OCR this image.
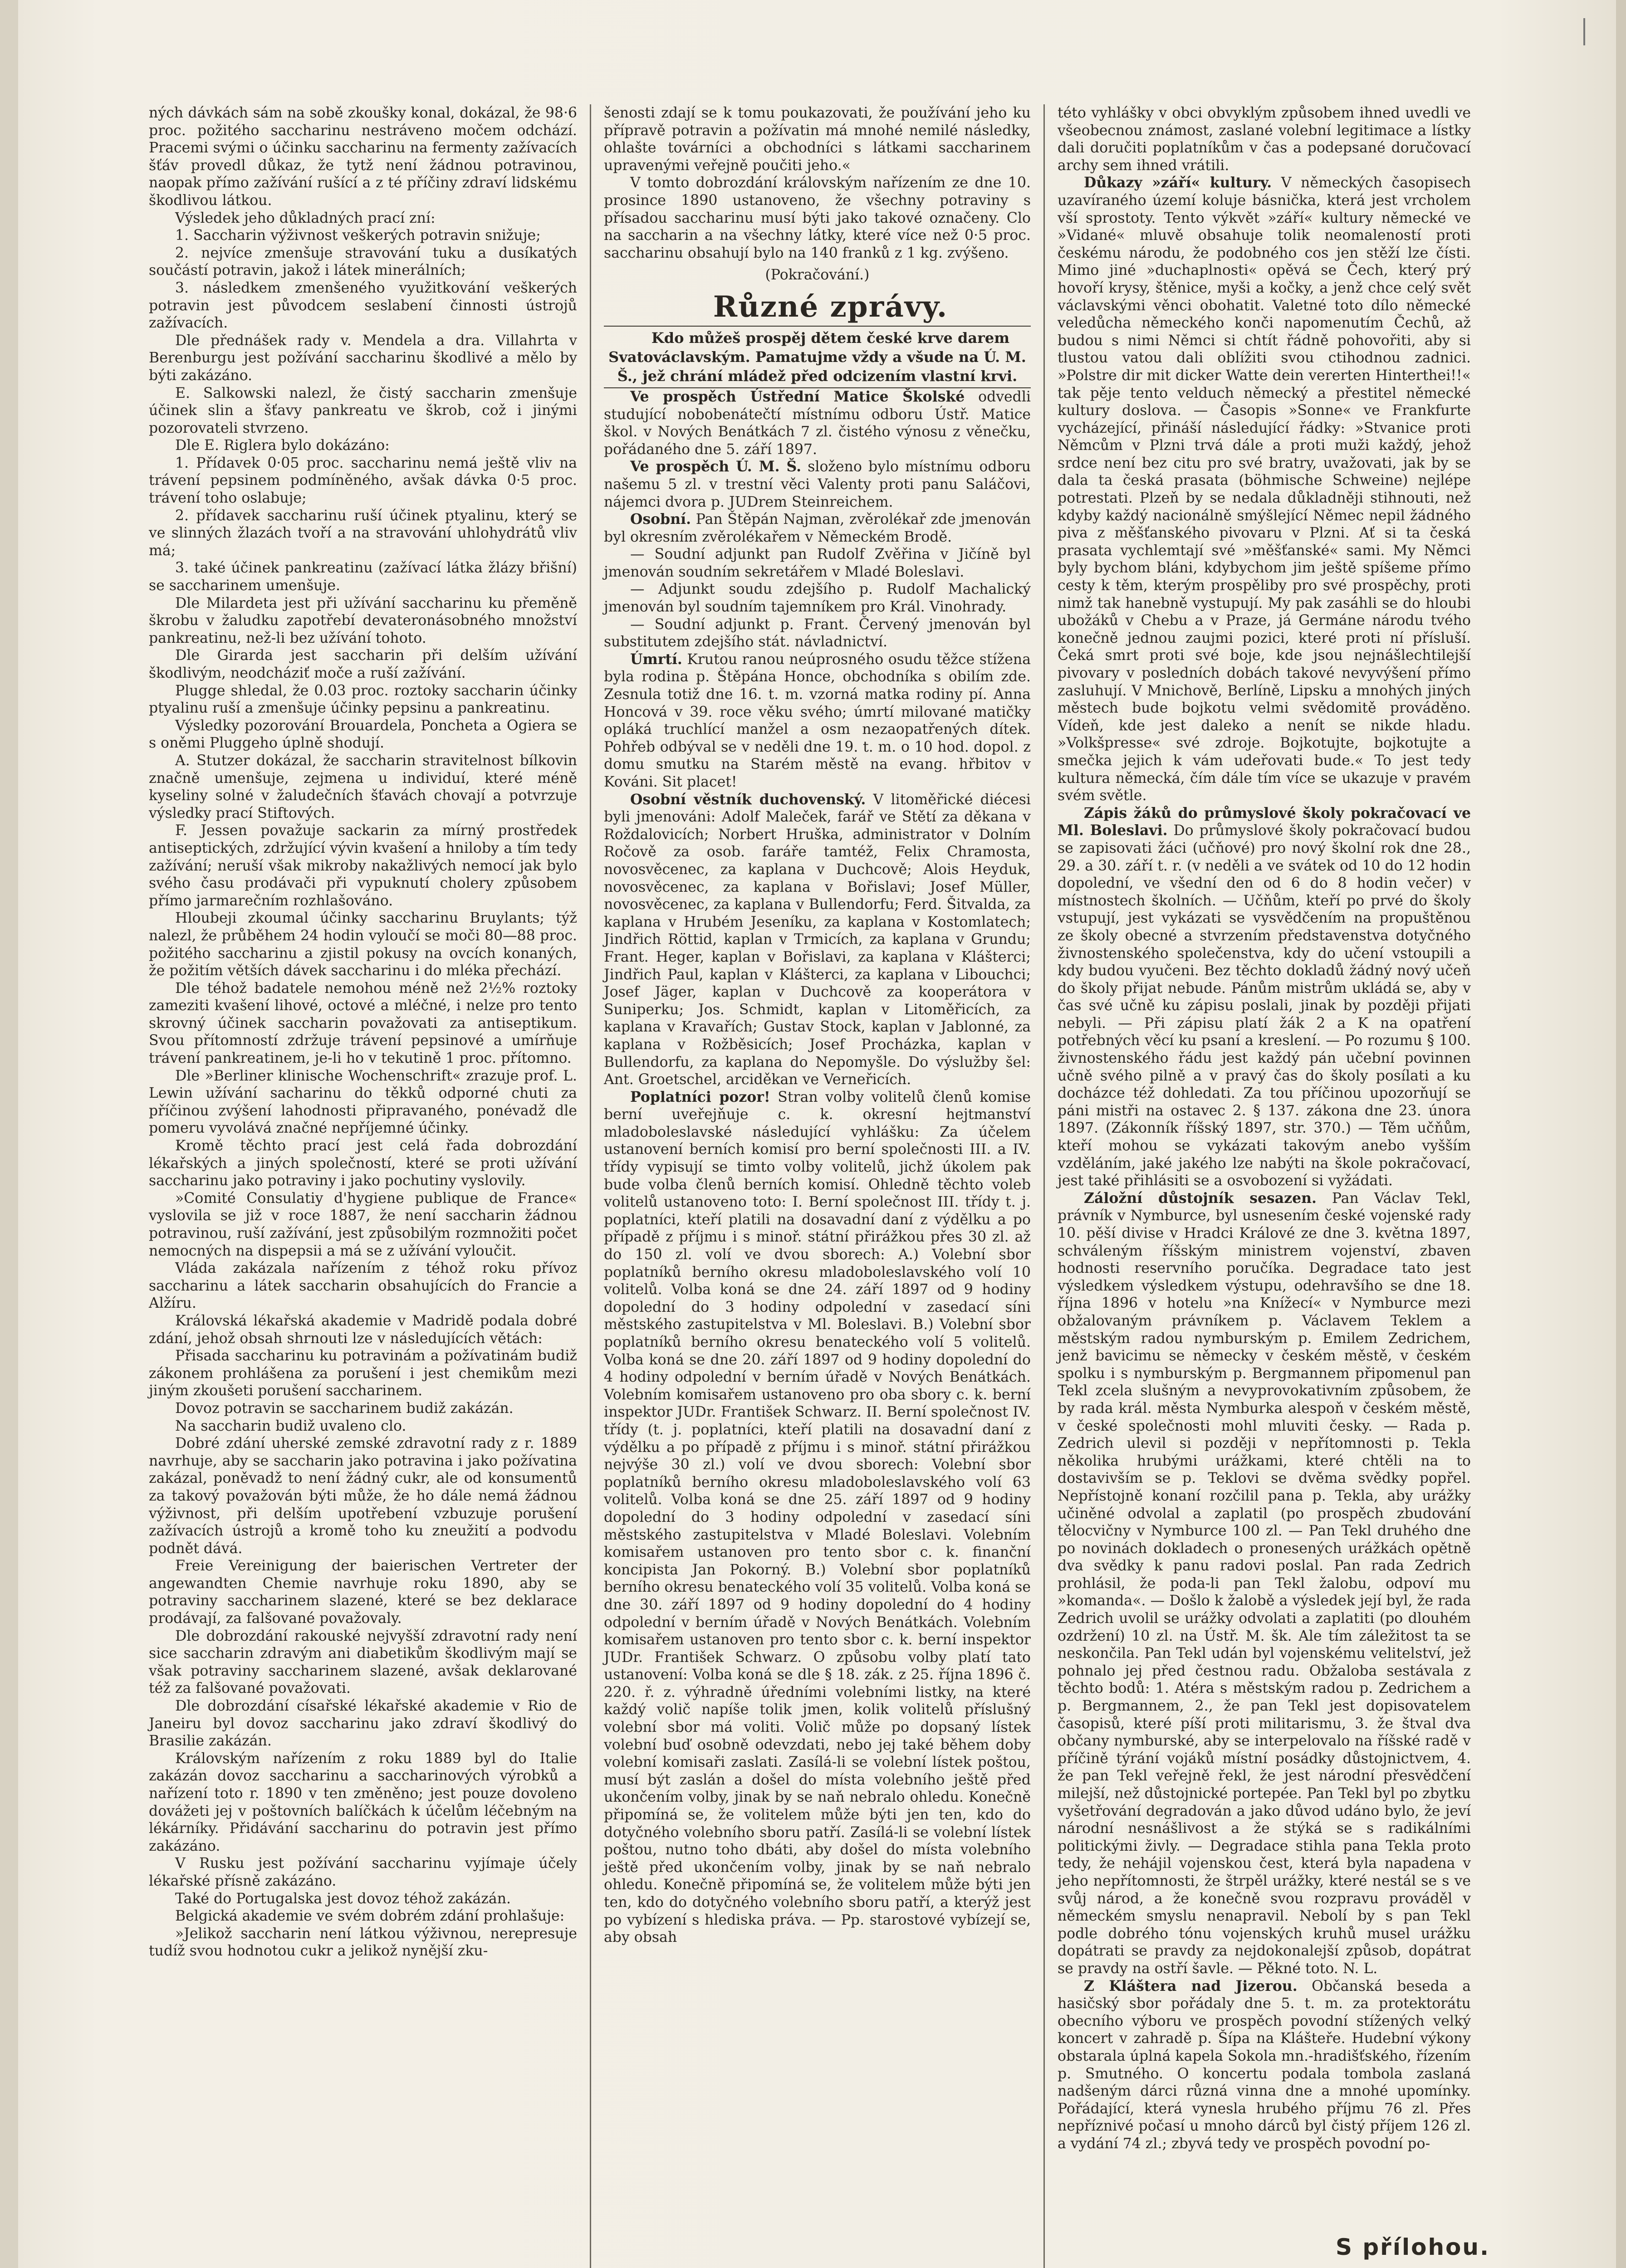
ných dávkách sám na sobě zkoušky konal, dokázal, že 98·6 proc. požitého saccharinu nestráveno močem odchází. Pracemi svými o účinku saccharinu na fermenty zažívacích šťáv provedl důkaz, že tytž není žádnou potravinou, naopak přímo zažívání rušící a z té příčiny zdraví lidskému škodlivou látkou.

Výsledek jeho důkladných prací zní:

1. Saccharin výživnost veškerých potravin snižuje;

2. nejvíce zmenšuje stravování tuku a dusíkatých součástí potravin, jakož i látek minerálních;

3. následkem zmenšeného využitkování veškerých potravin jest původcem seslabení činnosti ústrojů zažívacích.

Dle přednášek rady v. Mendela a dra. Villahrta v Berenburgu jest požívání saccharinu škodlivé a mělo by býti zakázáno.

E. Salkowski nalezl, že čistý saccharin zmenšuje účinek slin a šťavy pankreatu ve škrob, což i jinými pozorovateli stvrzeno.

Dle E. Riglera bylo dokázáno:

1. Přídavek 0·05 proc. saccharinu nemá ještě vliv na trávení pepsinem podmíněného, avšak dávka 0·5 proc. trávení toho oslabuje;

2. přídavek saccharinu ruší účinek ptyalinu, který se ve slinných žlazách tvoří a na stravování uhlohydrátů vliv má;

3. také účinek pankreatinu (zažívací látka žlázy břišní) se saccharinem umenšuje.

Dle Milardeta jest při užívání saccharinu ku přeměně škrobu v žaludku zapotřebí devateronásobného množství pankreatinu, než-li bez užívání tohoto.

Dle Girarda jest saccharin při delším užívání škodlivým, neodcháziť moče a ruší zažívání.

Plugge shledal, že 0.03 proc. roztoky saccharin účinky ptyalinu ruší a zmenšuje účinky pepsinu a pankreatinu.

Výsledky pozorování Brouardela, Poncheta a Ogiera se s oněmi Pluggeho úplně shodují.

A. Stutzer dokázal, že saccharin stravitelnost bílkovin značně umenšuje, zejmena u individuí, které méně kyseliny solné v žaludečních šťavách chovají a potvrzuje výsledky prací Stiftových.

F. Jessen považuje sackarin za mírný prostředek antiseptických, zdržující vývin kvašení a hniloby a tím tedy zažívání; neruší však mikroby nakažlivých nemocí jak bylo svého času prodávači při vypuknutí cholery způsobem přímo jarmarečním rozhlašováno.

Hloubeji zkoumal účinky saccharinu Bruylants; týž nalezl, že průběhem 24 hodin vyloučí se moči 80—88 proc. požitého saccharinu a zjistil pokusy na ovcích konaných, že požitím větších dávek saccharinu i do mléka přechází.

Dle téhož badatele nemohou méně než 2½% roztoky zameziti kvašení lihové, octové a mléčné, i nelze pro tento skrovný účinek saccharin považovati za antiseptikum. Svou přítomností zdržuje trávení pepsinové a umírňuje trávení pankreatinem, je-li ho v tekutině 1 proc. přítomno.

Dle »Berliner klinische Wochenschrift« zrazuje prof. L. Lewin užívání sacharinu do těkků odporné chuti za příčinou zvýšení lahodnosti připravaného, ponévadž dle pomeru vyvolává značné nepříjemné účinky.

Kromě těchto prací jest celá řada dobrozdání lékařských a jiných společností, které se proti užívání saccharinu jako potraviny i jako pochutiny vyslovily.

»Comité Consulatiy d'hygiene publique de France« vyslovila se již v roce 1887, že není saccharin žádnou potravinou, ruší zažívání, jest způsobilým rozmnožiti počet nemocných na dispepsii a má se z užívání vyloučit.

Vláda zakázala nařízením z téhož roku přívoz saccharinu a látek saccharin obsahujících do Francie a Alžíru.

Královská lékařská akademie v Madridě podala dobré zdání, jehož obsah shrnouti lze v následujících větách:

Přisada saccharinu ku potravinám a požívatinám budiž zákonem prohlášena za porušení i jest chemikům mezi jiným zkoušeti porušení saccharinem.

Dovoz potravin se saccharinem budiž zakázán.

Na saccharin budiž uvaleno clo.

Dobré zdání uherské zemské zdravotní rady z r. 1889 navrhuje, aby se saccharin jako potravina i jako požívatina zakázal, poněvadž to není žádný cukr, ale od konsumentů za takový považován býti může, že ho dále nemá žádnou výživnost, při delším upotřebení vzbuzuje porušení zažívacích ústrojů a kromě toho ku zneužití a podvodu podnět dává.

Freie Vereinigung der baierischen Vertreter der angewandten Chemie navrhuje roku 1890, aby se potraviny saccharinem slazené, které se bez deklarace prodávají, za falšované považovaly.

Dle dobrozdání rakouské nejvyšší zdravotní rady není sice saccharin zdravým ani diabetikům škodlivým mají se však potraviny saccharinem slazené, avšak deklarované též za falšované považovati.

Dle dobrozdání císařské lékařské akademie v Rio de Janeiru byl dovoz saccharinu jako zdraví škodlivý do Brasilie zakázán.

Královským nařízením z roku 1889 byl do Italie zakázán dovoz saccharinu a saccharinových výrobků a nařízení toto r. 1890 v ten změněno; jest pouze dovoleno dovážeti jej v poštovních balíčkách k účelům léčebným na lékárníky. Přidávání saccharinu do potravin jest přímo zakázáno.

V Rusku jest požívání saccharinu vyjímaje účely lékařské přísně zakázáno.

Také do Portugalska jest dovoz téhož zakázán.

Belgická akademie ve svém dobrém zdání prohlašuje:

»Jelikož saccharin není látkou výživnou, nerepresuje tudíž svou hodnotou cukr a jelikož nynější zku-

šenosti zdají se k tomu poukazovati, že používání jeho ku přípravě potravin a požívatin má mnohé nemilé následky, ohlašte továrníci a obchodníci s látkami saccharinem upravenými veřejně poučiti jeho.«

V tomto dobrozdání královským nařízením ze dne 10. prosince 1890 ustanoveno, že všechny potraviny s přísadou saccharinu musí býti jako takové označeny. Clo na saccharin a na všechny látky, které více než 0·5 proc. saccharinu obsahují bylo na 140 franků z 1 kg. zvýšeno.

(Pokračování.)

Různé zprávy.

Kdo můžeš prospěj dětem české krve darem Svatováclavským. Pamatujme vždy a všude na Ú. M. Š., jež chrání mládež před odcizením vlastní krvi.

Ve prospěch Ústřední Matice Školské odvedli studující nobobenátečtí místnímu odboru Ústř. Matice škol. v Nových Benátkách 7 zl. čistého výnosu z věnečku, pořádaného dne 5. září 1897.

Ve prospěch Ú. M. Š. složeno bylo místnímu odboru našemu 5 zl. v trestní věci Valenty proti panu Saláčovi, nájemci dvora p. JUDrem Steinreichem.

Osobní. Pan Štěpán Najman, zvěrolékař zde jmenován byl okresním zvěrolékařem v Německém Brodě.

— Soudní adjunkt pan Rudolf Zvěřina v Jičíně byl jmenován soudním sekretářem v Mladé Boleslavi.

— Adjunkt soudu zdejšího p. Rudolf Machalický jmenován byl soudním tajemníkem pro Král. Vinohrady.

— Soudní adjunkt p. Frant. Červený jmenován byl substitutem zdejšího stát. návladnictví.

Úmrtí. Krutou ranou neúprosného osudu těžce stížena byla rodina p. Štěpána Honce, obchodníka s obilím zde. Zesnula totiž dne 16. t. m. vzorná matka rodiny pí. Anna Honcová v 39. roce věku svého; úmrtí milované matičky opláká truchlící manžel a osm nezaopatřených dítek. Pohřeb odbýval se v neděli dne 19. t. m. o 10 hod. dopol. z domu smutku na Starém městě na evang. hřbitov v Kováni. Sit placet!

Osobní věstník duchovenský. V litoměřické diécesi byli jmenováni: Adolf Maleček, farář ve Stětí za děkana v Roždalovicích; Norbert Hruška, administrator v Dolním Ročově za osob. faráře tamtéž, Felix Chramosta, novosvěcenec, za kaplana v Duchcově; Alois Heyduk, novosvěcenec, za kaplana v Bořislavi; Josef Müller, novosvěcenec, za kaplana v Bullendorfu; Ferd. Šitvalda, za kaplana v Hrubém Jeseníku, za kaplana v Kostomlatech; Jindřich Röttid, kaplan v Trmicích, za kaplana v Grundu; Frant. Heger, kaplan v Bořislavi, za kaplana v Klášterci; Jindřich Paul, kaplan v Klášterci, za kaplana v Libouchci; Josef Jäger, kaplan v Duchcově za kooperátora v Suniperku; Jos. Schmidt, kaplan v Litoměřicích, za kaplana v Kravařích; Gustav Stock, kaplan v Jablonné, za kaplana v Rožběsicích; Josef Procházka, kaplan v Bullendorfu, za kaplana do Nepomyšle. Do výslužby šel: Ant. Groetschel, arciděkan ve Verneřicích.

Poplatníci pozor! Stran volby volitelů členů komise berní uveřejňuje c. k. okresní hejtmanství mladoboleslavské následující vyhlášku: Za účelem ustanovení berních komisí pro berní společnosti III. a IV. třídy vypisují se timto volby volitelů, jichž úkolem pak bude volba členů berních komisí. Ohledně těchto voleb volitelů ustanoveno toto: I. Berní společnost III. třídy t. j. poplatníci, kteří platili na dosavadní daní z výdělku a po případě z příjmu i s minoř. státní přirážkou přes 30 zl. až do 150 zl. volí ve dvou sborech: A.) Volební sbor poplatníků berního okresu mladoboleslavského volí 10 volitelů. Volba koná se dne 24. září 1897 od 9 hodiny dopolední do 3 hodiny odpolední v zasedací síni městského zastupitelstva v Ml. Boleslavi. B.) Volební sbor poplatníků berního okresu benateckého volí 5 volitelů. Volba koná se dne 20. září 1897 od 9 hodiny dopolední do 4 hodiny odpolední v berním úřadě v Nových Benátkách. Volebním komisařem ustanoveno pro oba sbory c. k. berní inspektor JUDr. František Schwarz. II. Berní společnost IV. třídy (t. j. poplatníci, kteří platili na dosavadní daní z výdělku a po případě z příjmu i s minoř. státní přirážkou nejvýše 30 zl.) volí ve dvou sborech: Volební sbor poplatníků berního okresu mladoboleslavského volí 63 volitelů. Volba koná se dne 25. září 1897 od 9 hodiny dopolední do 3 hodiny odpolední v zasedací síni městského zastupitelstva v Mladé Boleslavi. Volebním komisařem ustanoven pro tento sbor c. k. finanční koncipista Jan Pokorný. B.) Volební sbor poplatníků berního okresu benateckého volí 35 volitelů. Volba koná se dne 30. září 1897 od 9 hodiny dopolední do 4 hodiny odpolední v berním úřadě v Nových Benátkách. Volebním komisařem ustanoven pro tento sbor c. k. berní inspektor JUDr. František Schwarz. O způsobu volby platí tato ustanovení: Volba koná se dle § 18. zák. z 25. října 1896 č. 220. ř. z. výhradně úředními volebními listky, na které každý volič napíše tolik jmen, kolik volitelů příslušný volební sbor má voliti. Volič může po dopsaný lístek volební buď osobně odevzdati, nebo jej také během doby volební komisaři zaslati. Zasílá-li se volební lístek poštou, musí být zaslán a došel do místa volebního ještě před ukončením volby, jinak by se naň nebralo ohledu. Konečně připomíná se, že volitelem může býti jen ten, kdo do dotyčného volebního sboru patří. Zasílá-li se volební lístek poštou, nutno toho dbáti, aby došel do místa volebního ještě před ukončením volby, jinak by se naň nebralo ohledu. Konečně připomíná se, že volitelem může býti jen ten, kdo do dotyčného volebního sboru patří, a kterýž jest po vybízení s hlediska práva. — Pp. starostové vybízejí se, aby obsah

této vyhlášky v obci obvyklým způsobem ihned uvedli ve všeobecnou známost, zaslané volební legitimace a lístky dali doručiti poplatníkům v čas a podepsané doručovací archy sem ihned vrátili.

Důkazy »září« kultury. V německých časopisech uzavíraného území koluje básnička, která jest vrcholem vší sprostoty. Tento výkvět »září« kultury německé ve »Vidané« mluvě obsahuje tolik neomaleností proti českému národu, že podobného cos jen stěží lze čísti. Mimo jiné »duchaplnosti« opěvá se Čech, který prý hovoří krysy, štěnice, myši a kočky, a jenž chce celý svět václavskými věnci obohatit. Valetné toto dílo německé veledůcha německého konči napomenutím Čechů, až budou s nimi Němci si chtít řádně pohovořiti, aby si tlustou vatou dali oblížiti svou ctihodnou zadnici. »Polstre dir mit dicker Watte dein vererten Hinterthei!!« tak pěje tento velduch německý a přestitel německé kultury doslova. — Časopis »Sonne« ve Frankfurte vycházející, přináší následující řádky: »Stvanice proti Němcům v Plzni trvá dále a proti muži každý, jehož srdce není bez citu pro své bratry, uvažovati, jak by se dala ta česká prasata (böhmische Schweine) nejlépe potrestati. Plzeň by se nedala důkladněji stihnouti, než kdyby každý nacionálně smýšlející Němec nepil žádného piva z měšťanského pivovaru v Plzni. Ať si ta česká prasata vychlemtají své »měšťanské« sami. My Němci byly bychom bláni, kdybychom jim ještě spíšeme přímo cesty k těm, kterým prospěliby pro své prospěchy, proti nimž tak hanebně vystupují. My pak zasáhli se do hloubi ubožáků v Chebu a v Praze, já Germáne národu tvého konečně jednou zaujmi pozici, které proti ní přísluší. Čeká smrt proti své boje, kde jsou nejnášlechtilejší pivovary v posledních dobách takové nevyvýšení přímo zasluhují. V Mnichově, Berlíně, Lipsku a mnohých jiných městech bude bojkotu velmi svědomitě prováděno. Vídeň, kde jest daleko a nenít se nikde hladu. »Volkšpresse« své zdroje. Bojkotujte, bojkotujte a smečka jejich k vám udeřovati bude.« To jest tedy kultura německá, čím dále tím více se ukazuje v pravém svém světle.

Zápis žáků do průmyslové školy pokračovací ve Ml. Boleslavi. Do průmyslové školy pokračovací budou se zapisovati žáci (učňové) pro nový školní rok dne 28., 29. a 30. září t. r. (v neděli a ve svátek od 10 do 12 hodin dopolední, ve všední den od 6 do 8 hodin večer) v místnostech školních. — Učňům, kteří po prvé do školy vstupují, jest vykázati se vysvědčením na propuštěnou ze školy obecné a stvrzením představenstva dotyčného živnostenského společenstva, kdy do učení vstoupili a kdy budou vyučeni. Bez těchto dokladů žádný nový učeň do školy přijat nebude. Pánům mistrům ukládá se, aby v čas své učně ku zápisu poslali, jinak by později přijati nebyli. — Při zápisu platí žák 2 a K na opatření potřebných věcí ku psaní a kreslení. — Po rozumu § 100. živnostenského řádu jest každý pán učební povinnen učně svého pilně a v pravý čas do školy posílati a ku docházce též dohledati. Za tou příčinou upozorňují se páni mistři na ostavec 2. § 137. zákona dne 23. února 1897. (Zákonník říšský 1897, str. 370.) — Těm učňům, kteří mohou se vykázati takovým anebo vyšším vzděláním, jaké jakého lze nabýti na škole pokračovací, jest také přihlásiti se a osvobození si vyžádati.

Záložní důstojník sesazen. Pan Václav Tekl, právník v Nymburce, byl usnesením české vojenské rady 10. pěší divise v Hradci Králové ze dne 3. května 1897, schváleným říšským ministrem vojenství, zbaven hodnosti reservního poručíka. Degradace tato jest výsledkem výsledkem výstupu, odehravšího se dne 18. října 1896 v hotelu »na Knížecí« v Nymburce mezi obžalovaným právníkem p. Václavem Teklem a městským radou nymburským p. Emilem Zedrichem, jenž bavicimu se německy v českém městě, v českém spolku i s nymburským p. Bergmannem připomenul pan Tekl zcela slušným a nevyprovokativním způsobem, že by rada král. města Nymburka alespoň v českém městě, v české společnosti mohl mluviti česky. — Rada p. Zedrich ulevil si později v nepřítomnosti p. Tekla několika hrubými urážkami, které chtěli na to dostavivším se p. Teklovi se dvěma svědky popřel. Nepřístojně konaní rozčilil pana p. Tekla, aby urážky učiněné odvolal a zaplatil (po prospěch zbudování tělocvičny v Nymburce 100 zl. — Pan Tekl druhého dne po novinách dokladech o pronesených urážkách opětně dva svědky k panu radovi poslal. Pan rada Zedrich prohlásil, že poda-li pan Tekl žalobu, odpoví mu »komanda«. — Došlo k žalobě a výsledek její byl, že rada Zedrich uvolil se urážky odvolati a zaplatiti (po dlouhém ozdržení) 10 zl. na Ústř. M. šk. Ale tím záležitost ta se neskončila. Pan Tekl udán byl vojenskému velitelství, jež pohnalo jej před čestnou radu. Obžaloba sestávala z těchto bodů: 1. Atéra s městským radou p. Zedrichem a p. Bergmannem, 2., že pan Tekl jest dopisovatelem časopisů, které píší proti militarismu, 3. že štval dva občany nymburské, aby se interpelovalo na říšské radě v příčině týrání vojáků místní posádky důstojnictvem, 4. že pan Tekl veřejně řekl, že jest národní přesvědčení milejší, než důstojnické portepée. Pan Tekl byl po zbytku vyšetřování degradován a jako důvod udáno bylo, že jeví národní nesnášlivost a že stýká se s radikálními politickými živly. — Degradace stihla pana Tekla proto tedy, že nehájil vojenskou čest, která byla napadena v jeho nepřítomnosti, že štrpěl urážky, které nestál se s ve svůj národ, a že konečně svou rozpravu prováděl v německém smyslu nenapravil. Nebolí by s pan Tekl podle dobrého tónu vojenských kruhů musel urážku dopátrati se pravdy za nejdokonalejší způsob, dopátrat se pravdy na ostří šavle. — Pěkné toto. N. L.

Z Kláštera nad Jizerou. Občanská beseda a hasičský sbor pořádaly dne 5. t. m. za protektorátu obecního výboru ve prospěch povodní stížených velký koncert v zahradě p. Šípa na Klášteře. Hudební výkony obstarala úplná kapela Sokola mn.-hradišťského, řízením p. Smutného. O koncertu podala tombola zaslaná nadšeným dárci různá vinna dne a mnohé upomínky. Pořádající, která vynesla hrubého příjmu 76 zl. Přes nepříznivé počasí u mnoho dárců byl čistý příjem 126 zl. a vydání 74 zl.; zbyvá tedy ve prospěch povodní po-

S přílohou.
